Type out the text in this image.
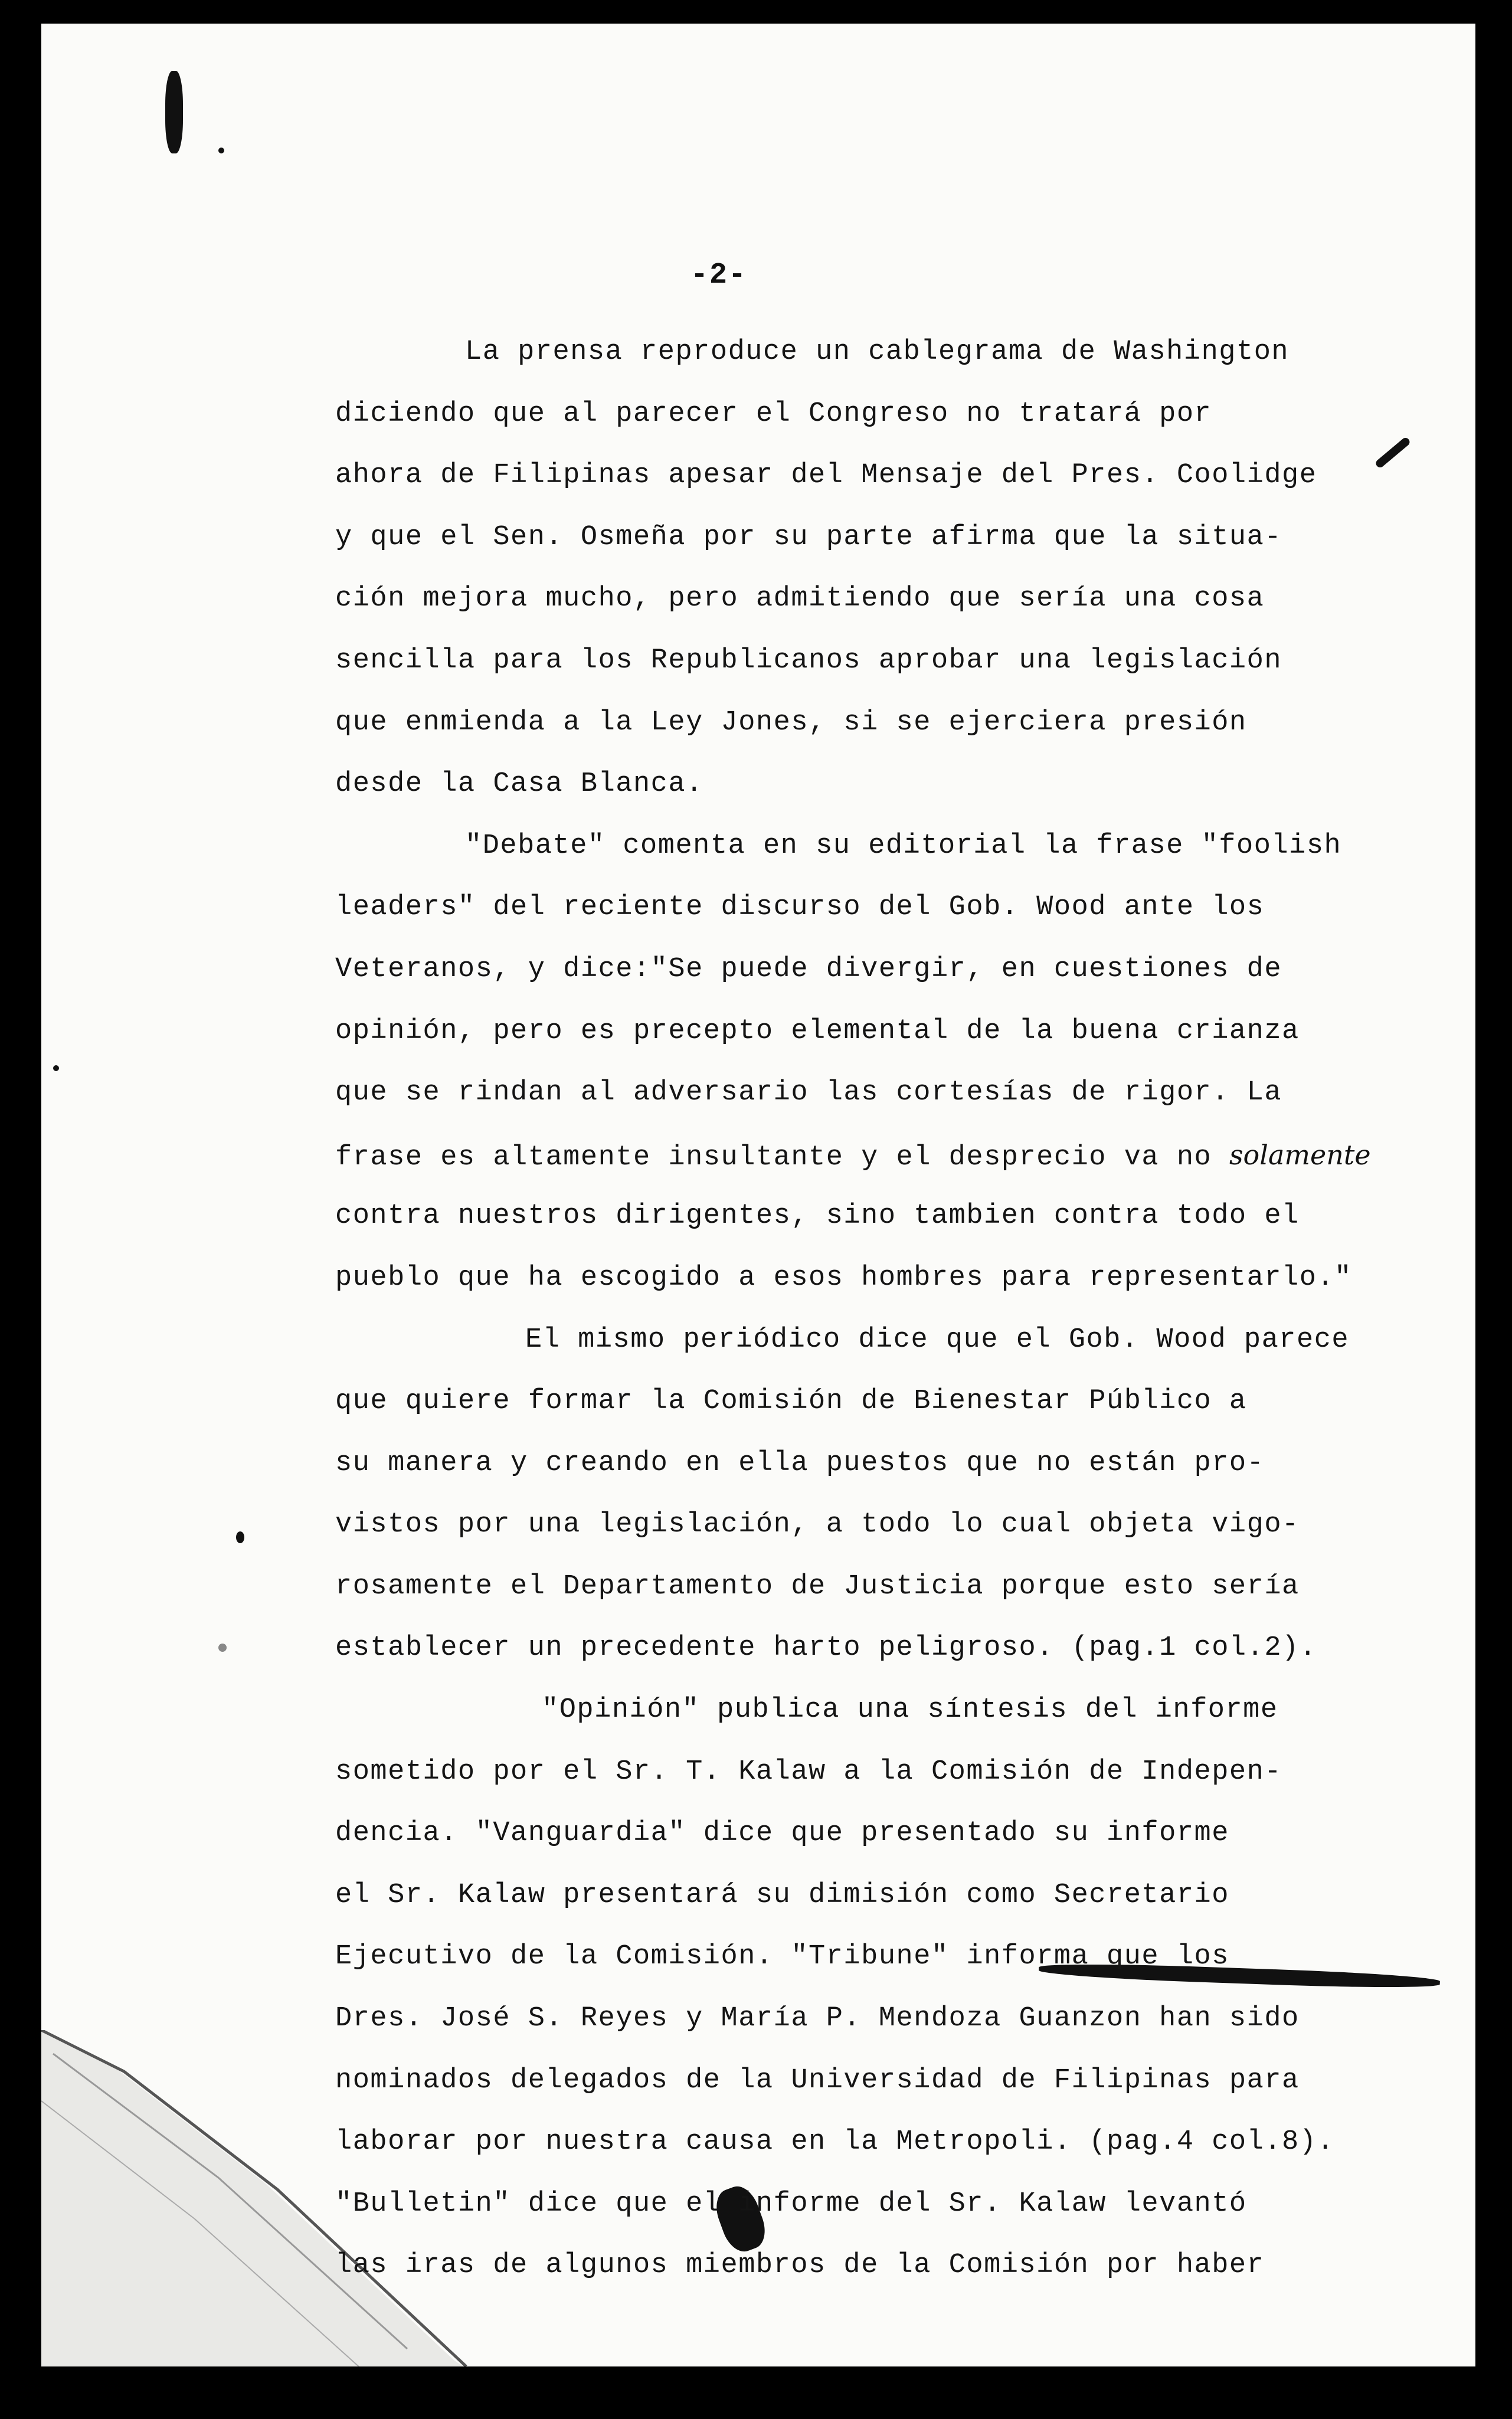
-2-
La prensa reproduce un cablegrama de Washington
diciendo que al parecer el Congreso no tratará por
ahora de Filipinas apesar del Mensaje del Pres. Coolidge
y que el Sen. Osmeña por su parte afirma que la situa-
ción mejora mucho, pero admitiendo que sería una cosa
sencilla para los Republicanos aprobar una legislación
que enmienda a la Ley Jones, si se ejerciera presión
desde la Casa Blanca.
"Debate" comenta en su editorial la frase "foolish
leaders" del reciente discurso del Gob. Wood ante los
Veteranos, y dice:"Se puede divergir, en cuestiones de
opinión, pero es precepto elemental de la buena crianza
que se rindan al adversario las cortesías de rigor. La
frase es altamente insultante y el desprecio va no solamente
contra nuestros dirigentes, sino tambien contra todo el
pueblo que ha escogido a esos hombres para representarlo."
El mismo periódico dice que el Gob. Wood parece
que quiere formar la Comisión de Bienestar Público a
su manera y creando en ella puestos que no están pro-
vistos por una legislación, a todo lo cual objeta vigo-
rosamente el Departamento de Justicia porque esto sería
establecer un precedente harto peligroso. (pag.1 col.2).
"Opinión" publica una síntesis del informe
sometido por el Sr. T. Kalaw a la Comisión de Indepen-
dencia. "Vanguardia" dice que presentado su informe
el Sr. Kalaw presentará su dimisión como Secretario
Ejecutivo de la Comisión. "Tribune" informa que los
Dres. José S. Reyes y María P. Mendoza Guanzon han sido
nominados delegados de la Universidad de Filipinas para
laborar por nuestra causa en la Metropoli. (pag.4 col.8).
"Bulletin" dice que el informe del Sr. Kalaw levantó
las iras de algunos miembros de la Comisión por haber
